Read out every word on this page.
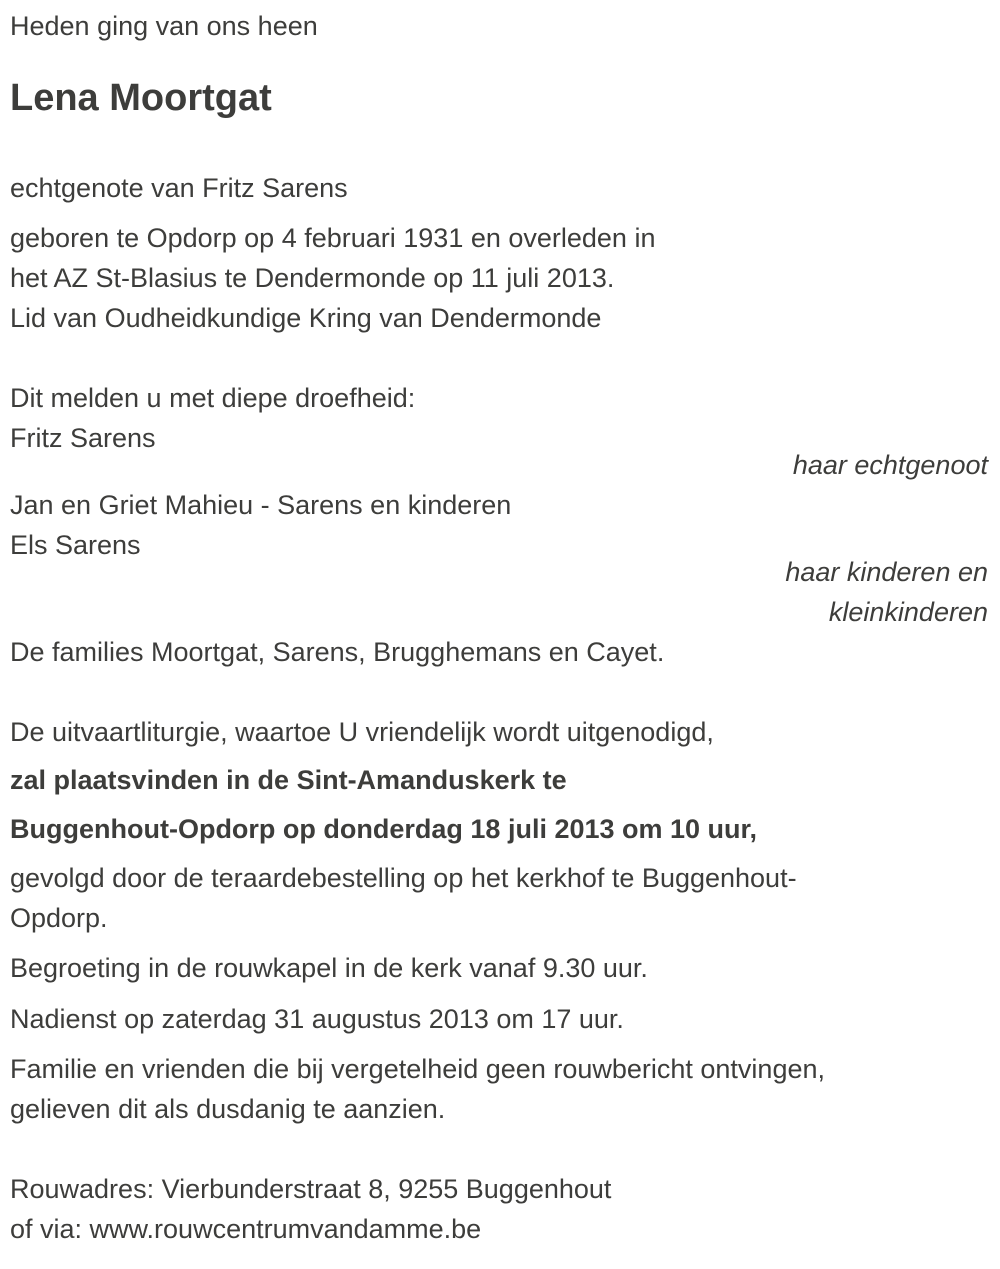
Heden ging van ons heen

Lena Moortgat

echtgenote van Fritz Sarens

geboren te Opdorp op 4 februari 1931 en overleden in

het AZ St-Blasius te Dendermonde op 11 juli 2013.

Lid van Oudheidkundige Kring van Dendermonde

Dit melden u met diepe droefheid:

Fritz Sarens

haar echtgenoot

Jan en Griet Mahieu - Sarens en kinderen

Els Sarens

haar kinderen en

kleinkinderen

De families Moortgat, Sarens, Brugghemans en Cayet.

De uitvaartliturgie, waartoe U vriendelijk wordt uitgenodigd,

zal plaatsvinden in de Sint-Amanduskerk te

Buggenhout-Opdorp op donderdag 18 juli 2013 om 10 uur,

gevolgd door de teraardebestelling op het kerkhof te Buggenhout-

Opdorp.

Begroeting in de rouwkapel in de kerk vanaf 9.30 uur.

Nadienst op zaterdag 31 augustus 2013 om 17 uur.

Familie en vrienden die bij vergetelheid geen rouwbericht ontvingen,

gelieven dit als dusdanig te aanzien.

Rouwadres: Vierbunderstraat 8, 9255 Buggenhout

of via: www.rouwcentrumvandamme.be
